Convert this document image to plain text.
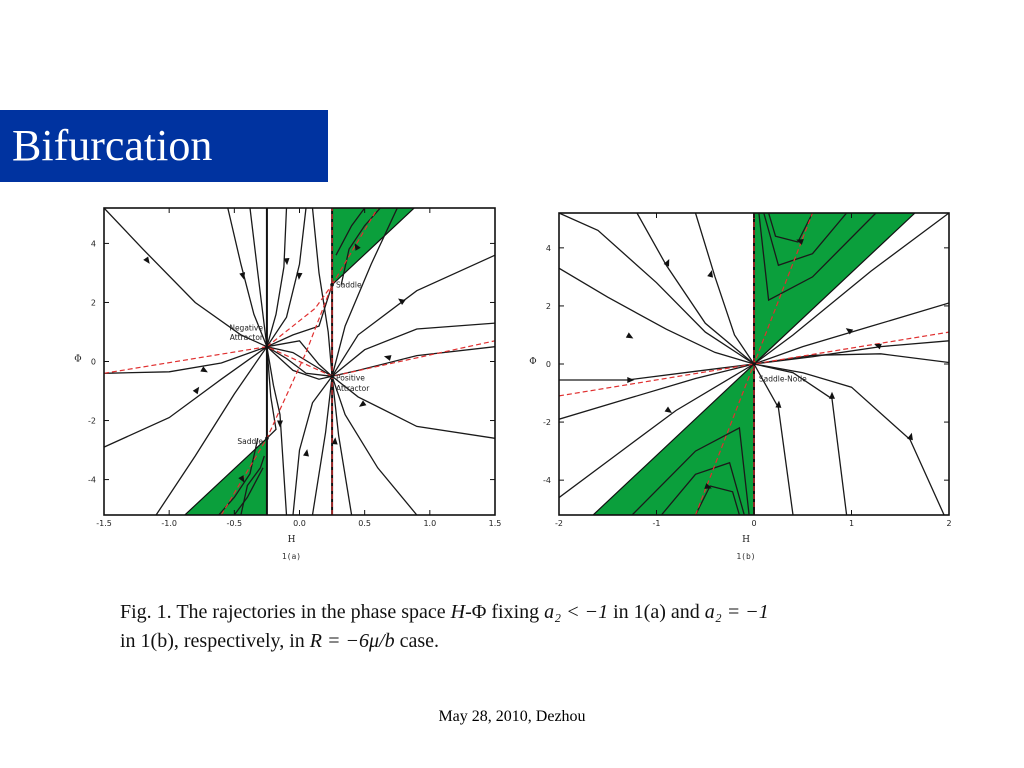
Bifurcation
-1.5	-1.0	-0.5	0.0	0.5	1.0	1.5
4
2
0
-2
-4
H
Φ
1(a)
Negative
Attractor
Saddle
Saddle
Positive
Attractor
-2	-1	0	1	2
4
2
0
-2
-4
H
Φ
1(b)
Saddle-Node
Fig. 1. The rajectories in the phase space H-Φ fixing a₂ < −1 in 1(a) and a₂ = −1
in 1(b), respectively, in R = −6μ/b case.
May 28, 2010, Dezhou
